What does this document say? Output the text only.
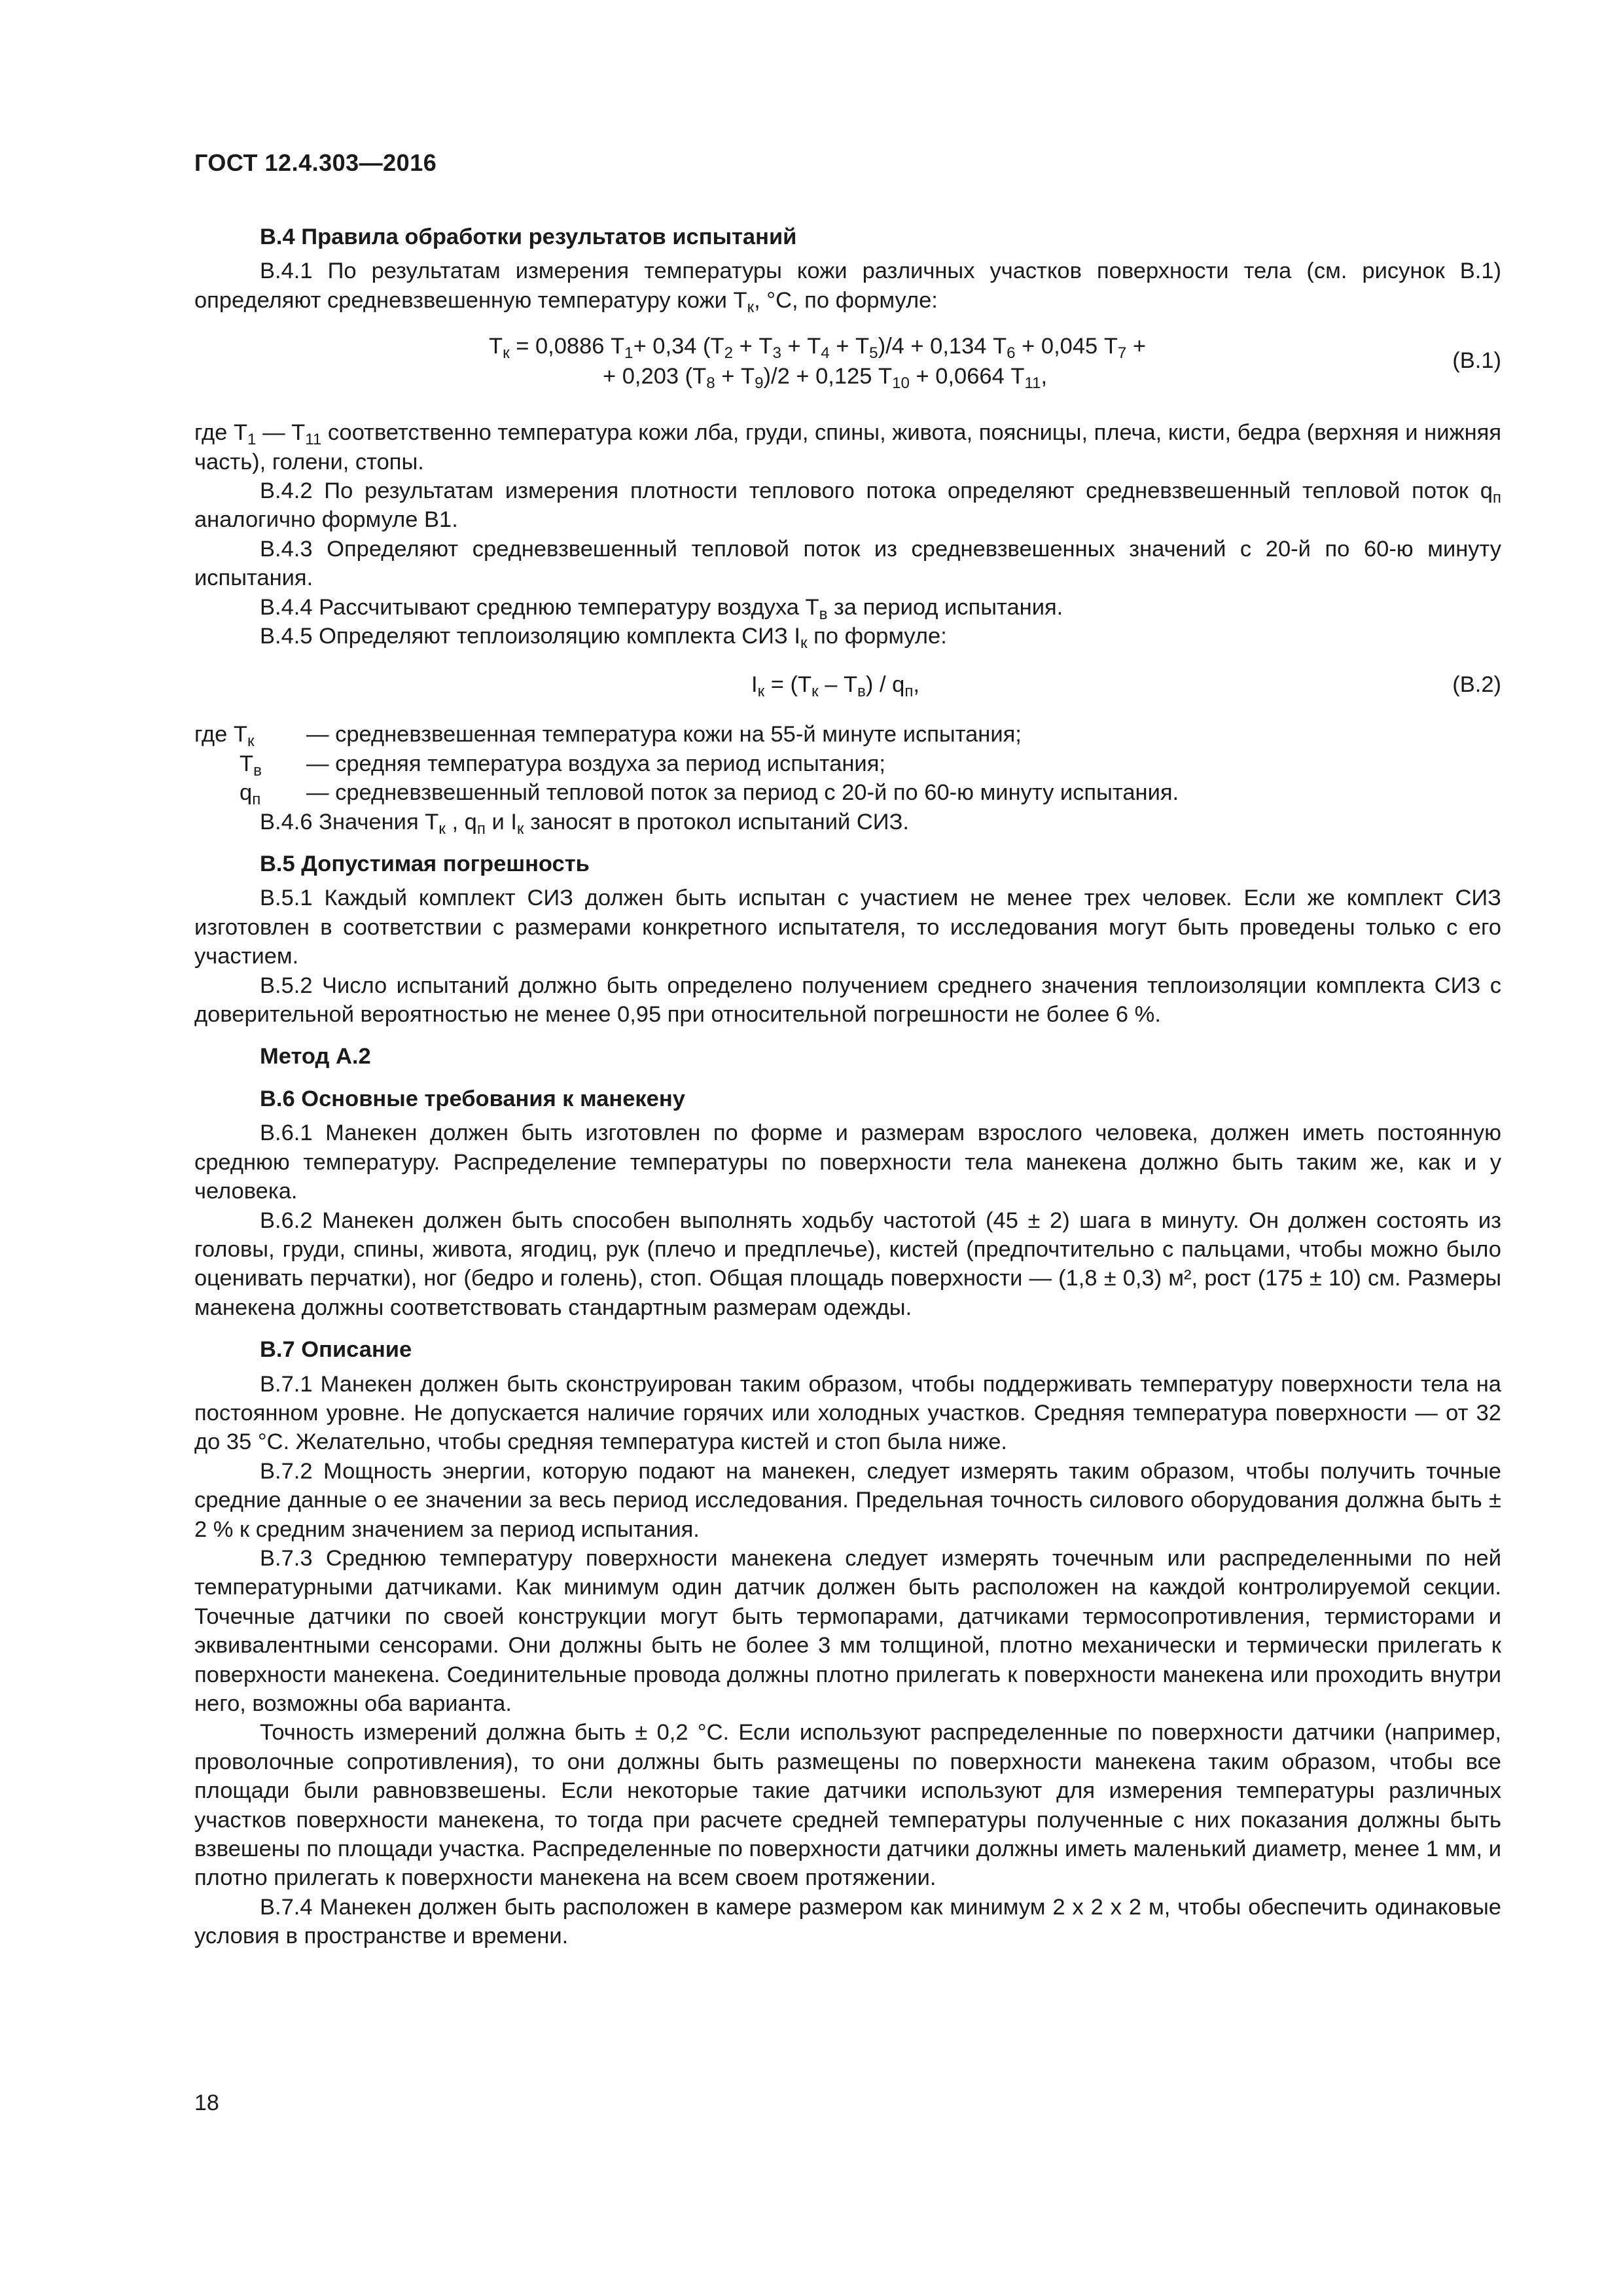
ГОСТ 12.4.303—2016

В.4 Правила обработки результатов испытаний

В.4.1 По результатам измерения температуры кожи различных участков поверхности тела (см. рисунок В.1) определяют средневзвешенную температуру кожи $Т_к$, °С, по формуле:

$Т_к = 0,0886$ $Т_1+ 0,34$ $(Т_2 + Т_3 + Т_4 + Т_5)/4 + 0,134$ $Т_6 + 0,045$ $Т_7$ +
+ 0,203 $(Т_8 + Т_9)/2 + 0,125$ $Т_{10} + 0,0664$ $Т_{11}$,
(В.1)

где $Т_1$ — $Т_{11}$ соответственно температура кожи лба, груди, спины, живота, поясницы, плеча, кисти, бедра (верхняя и нижняя часть), голени, стопы.

В.4.2 По результатам измерения плотности теплового потока определяют средневзвешенный тепловой поток $q_п$ аналогично формуле В1.

В.4.3 Определяют средневзвешенный тепловой поток из средневзвешенных значений с 20-й по 60-ю минуту испытания.

В.4.4 Рассчитывают среднюю температуру воздуха $Т_в$ за период испытания.

В.4.5 Определяют теплоизоляцию комплекта СИЗ $I_к$ по формуле:

$I_к = (Т_к - Т_в) / q_п$,	(В.2)
где $Т_к$ — средневзвешенная температура кожи на 55-й минуте испытания;
$Т_в$ — средняя температура воздуха за период испытания;
$q_п$ — средневзвешенный тепловой поток за период с 20-й по 60-ю минуту испытания.

В.4.6 Значения $Т_к$ , $q_п$ и $I_к$ заносят в протокол испытаний СИЗ.

В.5 Допустимая погрешность

В.5.1 Каждый комплект СИЗ должен быть испытан с участием не менее трех человек. Если же комплект СИЗ изготовлен в соответствии с размерами конкретного испытателя, то исследования могут быть проведены только с его участием.

В.5.2 Число испытаний должно быть определено получением среднего значения теплоизоляции комплекта СИЗ с доверительной вероятностью не менее 0,95 при относительной погрешности не более 6 %.

Метод А.2

В.6 Основные требования к манекену

В.6.1 Манекен должен быть изготовлен по форме и размерам взрослого человека, должен иметь постоянную среднюю температуру. Распределение температуры по поверхности тела манекена должно быть таким же, как и у человека.

В.6.2 Манекен должен быть способен выполнять ходьбу частотой (45 ± 2) шага в минуту. Он должен состоять из головы, груди, спины, живота, ягодиц, рук (плечо и предплечье), кистей (предпочтительно с пальцами, чтобы можно было оценивать перчатки), ног (бедро и голень), стоп. Общая площадь поверхности — (1,8 ± 0,3) м², рост (175 ± 10) см. Размеры манекена должны соответствовать стандартным размерам одежды.

В.7 Описание

В.7.1 Манекен должен быть сконструирован таким образом, чтобы поддерживать температуру поверхности тела на постоянном уровне. Не допускается наличие горячих или холодных участков. Средняя температура поверхности — от 32 до 35 °С. Желательно, чтобы средняя температура кистей и стоп была ниже.

В.7.2 Мощность энергии, которую подают на манекен, следует измерять таким образом, чтобы получить точные средние данные о ее значении за весь период исследования. Предельная точность силового оборудования должна быть ± 2 % к средним значением за период испытания.

В.7.3 Среднюю температуру поверхности манекена следует измерять точечным или распределенными по ней температурными датчиками. Как минимум один датчик должен быть расположен на каждой контролируемой секции. Точечные датчики по своей конструкции могут быть термопарами, датчиками термосопротивления, термисторами и эквивалентными сенсорами. Они должны быть не более 3 мм толщиной, плотно механически и термически прилегать к поверхности манекена. Соединительные провода должны плотно прилегать к поверхности манекена или проходить внутри него, возможны оба варианта.

Точность измерений должна быть ± 0,2 °С. Если используют распределенные по поверхности датчики (например, проволочные сопротивления), то они должны быть размещены по поверхности манекена таким образом, чтобы все площади были равновзвешены. Если некоторые такие датчики используют для измерения температуры различных участков поверхности манекена, то тогда при расчете средней температуры полученные с них показания должны быть взвешены по площади участка. Распределенные по поверхности датчики должны иметь маленький диаметр, менее 1 мм, и плотно прилегать к поверхности манекена на всем своем протяжении.

В.7.4 Манекен должен быть расположен в камере размером как минимум 2 х 2 х 2 м, чтобы обеспечить одинаковые условия в пространстве и времени.

18
